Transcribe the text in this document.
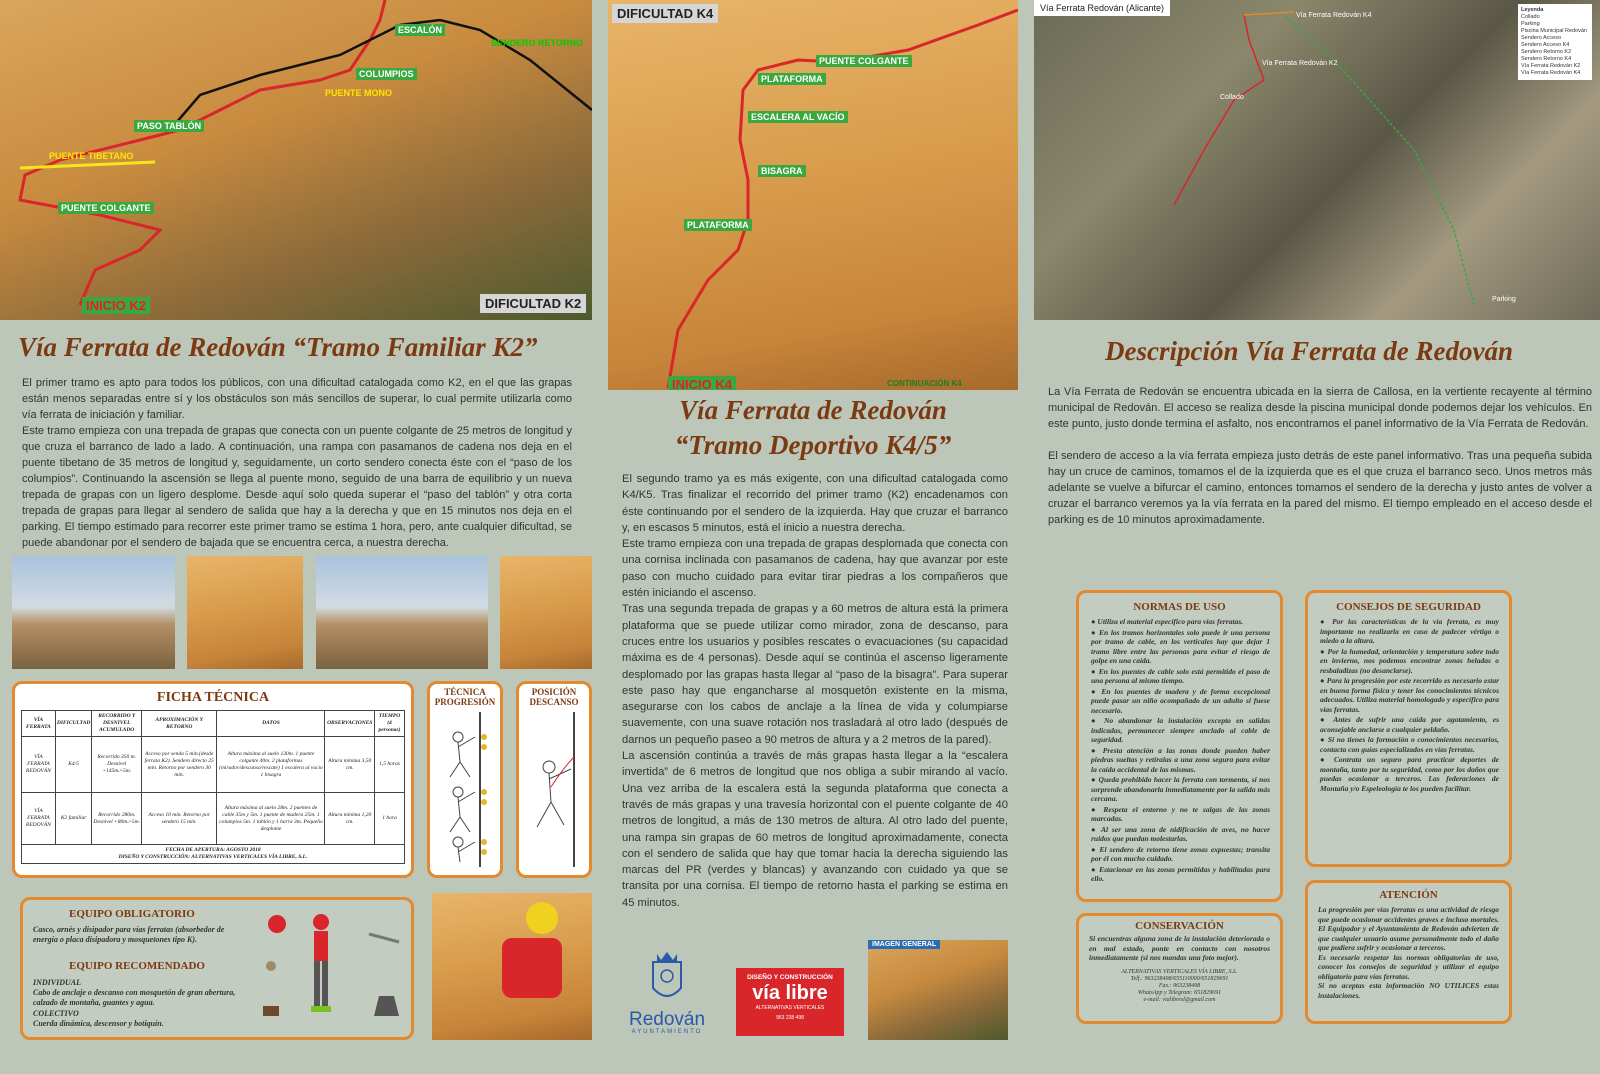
ESCALÓN
SENDERO RETORNO
COLUMPIOS
PUENTE MONO
PASO TABLÓN
PUENTE TIBETANO
PUENTE COLGANTE
INICIO K2	DIFICULTAD K2
DIFICULTAD K4
PUENTE COLGANTE
PLATAFORMA
ESCALERA AL VACÍO
BISAGRA
PLATAFORMA
INICIO K4	CONTINUACIÓN K4
Vía Ferrata Redován (Alicante)	Leyenda
Collado
Parking
Piscina Municipal Redován
Sendero Acceso
Sendero Acceso K4
Sendero Retorno K2
Sendero Retorno K4
Vía Ferrata Redován K2
Vía Ferrata Redován K4
Vía Ferrata Redován K4
Vía Ferrata Redován K2
Collado
Parking
Vía Ferrata de Redován “Tramo Familiar K2”

El primer tramo es apto para todos los públicos, con una dificultad catalogada como K2, en el que las grapas están menos separadas entre sí y los obstáculos son más sencillos de superar, lo cual permite utilizarla como vía ferrata de iniciación y familiar.

Este tramo empieza con una trepada de grapas que conecta con un puente colgante de 25 metros de longitud y que cruza el barranco de lado a lado. A continuación, una rampa con pasamanos de cadena nos deja en el puente tibetano de 35 metros de longitud y, seguidamente, un corto sendero conecta éste con el “paso de los columpios”. Continuando la ascensión se llega al puente mono, seguido de una barra de equilibrio y un nueva trepada de grapas con un ligero desplome. Desde aquí solo queda superar el “paso del tablón” y otra corta trepada de grapas para llegar al sendero de salida que hay a la derecha y que en 15 minutos nos deja en el parking. El tiempo estimado para recorrer este primer tramo se estima 1 hora, pero, ante cualquier dificultad, se puede abandonar por el sendero de bajada que se encuentra cerca, a nuestra derecha.

FICHA TÉCNICA
VÍA FERRATA	DIFICULTAD	RECORRIDO Y DESNIVEL ACUMULADO	APROXIMACIÓN Y RETORNO	DATOS	OBSERVACIONES	TIEMPO (4 personas)
VÍA FERRATA REDOVÁN	K4/5	Recorrido 350 m. Desnivel +145m./-5m.	Acceso por senda 5 min.(desde ferrata K2). Sendero directo 25 min. Retorno por sendero 30 min.	Altura máxima al suelo 130m. 1 puente colgante 40m. 2 plataformas (mirador/descanso/rescate) 1 escalera al vacío 1 bisagra	Altura mínima 3,50 cm.	1,5 horas
VÍA FERRATA REDOVÁN	K2 familiar	Recorrido 280m. Desnivel +80m./-5m.	Acceso 10 min. Retorno por sendero 15 min.	Altura máxima al suelo 28m. 2 puentes de cable 35m y 5m. 1 puente de madera 25m. 1 columpios 5m. 1 tablón y 1 barra 3m. Pequeño desplome	Altura mínima 1,20 cm.	1 hora

FECHA DE APERTURA: AGOSTO 2018
DISEÑO Y CONSTRUCCIÓN: ALTERNATIVAS VERTICALES VÍA LIBRE, S.L.						
TÉCNICA PROGRESIÓN
POSICIÓN DESCANSO
EQUIPO OBLIGATORIO
Casco, arnés y disipador para vías ferratas (absorbedor de energía o placa disipadora y mosquetones tipo K).
EQUIPO RECOMENDADO
INDIVIDUAL
Cabo de anclaje o descanso con mosquetón de gran abertura, calzado de montaña, guantes y agua.
COLECTIVO
Cuerda dinámica, descensor y botiquín.
Vía Ferrata de Redován
“Tramo Deportivo K4/5”

El segundo tramo ya es más exigente, con una dificultad catalogada como K4/K5. Tras finalizar el recorrido del primer tramo (K2) encadenamos con éste continuando por el sendero de la izquierda. Hay que cruzar el barranco y, en escasos 5 minutos, está el inicio a nuestra derecha.

Este tramo empieza con una trepada de grapas desplomada que conecta con una cornisa inclinada con pasamanos de cadena, hay que avanzar por este paso con mucho cuidado para evitar tirar piedras a los compañeros que estén iniciando el ascenso.

Tras una segunda trepada de grapas y a 60 metros de altura está la primera plataforma que se puede utilizar como mirador, zona de descanso, para cruces entre los usuarios y posibles rescates o evacuaciones (su capacidad máxima es de 4 personas). Desde aquí se continúa el ascenso ligeramente desplomado por las grapas hasta llegar al “paso de la bisagra”. Para superar este paso hay que engancharse al mosquetón existente en la misma, asegurarse con los cabos de anclaje a la línea de vida y columpiarse suavemente, con una suave rotación nos trasladará al otro lado (después de darnos un pequeño paseo a 90 metros de altura y a 2 metros de la pared).

La ascensión continúa a través de más grapas hasta llegar a la “escalera invertida” de 6 metros de longitud que nos obliga a subir mirando al vacío. Una vez arriba de la escalera está la segunda plataforma que conecta a través de más grapas y una travesía horizontal con el puente colgante de 40 metros de longitud, a más de 130 metros de altura. Al otro lado del puente, una rampa sin grapas de 60 metros de longitud aproximadamente, conecta con el sendero de salida que hay que tomar hacia la derecha siguiendo las marcas del PR (verdes y blancas) y avanzando con cuidado ya que se transita por una cornisa. El tiempo de retorno hasta el parking se estima en 45 minutos.

Redován
AYUNTAMIENTO
DISEÑO Y CONSTRUCCIÓN
vía libre
ALTERNATIVAS VERTICALES
963 238 498
IMAGEN GENERAL
Descripción Vía Ferrata de Redován

La Vía Ferrata de Redován se encuentra ubicada en la sierra de Callosa, en la vertiente recayente al término municipal de Redován. El acceso se realiza desde la piscina municipal donde podemos dejar los vehículos. En este punto, justo donde termina el asfalto, nos encontramos el panel informativo de la Vía Ferrata de Redován.

El sendero de acceso a la vía ferrata empieza justo detrás de este panel informativo. Tras una pequeña subida hay un cruce de caminos, tomamos el de la izquierda que es el que cruza el barranco seco. Unos metros más adelante se vuelve a bifurcar el camino, entonces tomamos el sendero de la derecha y justo antes de volver a cruzar el barranco veremos ya la vía ferrata en la pared del mismo. El tiempo empleado en el acceso desde el parking es de 10 minutos aproximadamente.

NORMAS DE USO
● Utiliza el material específico para vías ferratas.
● En los tramos horizontales solo puede ir una persona por tramo de cable, en los verticales hay que dejar 1 tramo libre entre las personas para evitar el riesgo de golpe en una caída.
● En los puentes de cable solo está permitido el paso de una persona al mismo tiempo.
● En los puentes de madera y de forma excepcional puede pasar un niño acompañado de un adulto si fuese necesario.
● No abandonar la instalación excepto en salidas indicadas, permanecer siempre anclado al cable de seguridad.
● Presta atención a las zonas donde pueden haber piedras sueltas y retíralas a una zona segura para evitar la caída accidental de las mismas.
● Queda prohibido hacer la ferrata con tormenta, si nos sorprende abandonarla inmediatamente por la salida más cercana.
● Respeta el entorno y no te salgas de las zonas marcadas.
● Al ser una zona de nidificación de aves, no hacer ruidos que puedan molestarlas.
● El sendero de retorno tiene zonas expuestas; transita por él con mucho cuidado.
● Estacionar en las zonas permitidas y habilitadas para ello.
CONSEJOS DE SEGURIDAD
● Por las características de la vía ferrata, es muy importante no realizarla en caso de padecer vértigo o miedo a la altura.
● Por la humedad, orientación y temperatura sobre todo en invierno, nos podemos encontrar zonas heladas o resbaladizas (no desanclarse).
● Para la progresión por este recorrido es necesario estar en buena forma física y tener los conocimientos técnicos adecuados. Utiliza material homologado y específico para vías ferratas.
● Antes de sufrir una caída por agotamiento, es aconsejable anclarse a cualquier peldaño.
● Si no tienes la formación o conocimientos necesarios, contacta con guías especializados en vías ferratas.
● Contrata un seguro para practicar deportes de montaña, tanto por tu seguridad, como por los daños que puedas ocasionar a terceros. Las federaciones de Montaña y/o Espeleología te los pueden facilitar.
CONSERVACIÓN

Si encuentras alguna zona de la instalación deteriorada o en mal estado, ponte en contacto con nosotros inmediatamente (si nos mandas una foto mejor).

ALTERNATIVAS VERTICALES VÍA LIBRE, S.L.
Telf.: 963238498/655110000/651829691
Fax.: 963238498
WhatsApp y Telegram: 651829691
e-mail: vialibresl@gmail.com
ATENCIÓN

La progresión por vías ferratas es una actividad de riesgo que puede ocasionar accidentes graves e incluso mortales. El Equipador y el Ayuntamiento de Redován advierten de que cualquier usuario asume personalmente todo el daño que pudiera sufrir y ocasionar a terceros.

Es necesario respetar las normas obligatorias de uso, conocer los consejos de seguridad y utilizar el equipo obligatorio para vías ferratas.

Si no aceptas esta información NO UTILICES estas instalaciones.
